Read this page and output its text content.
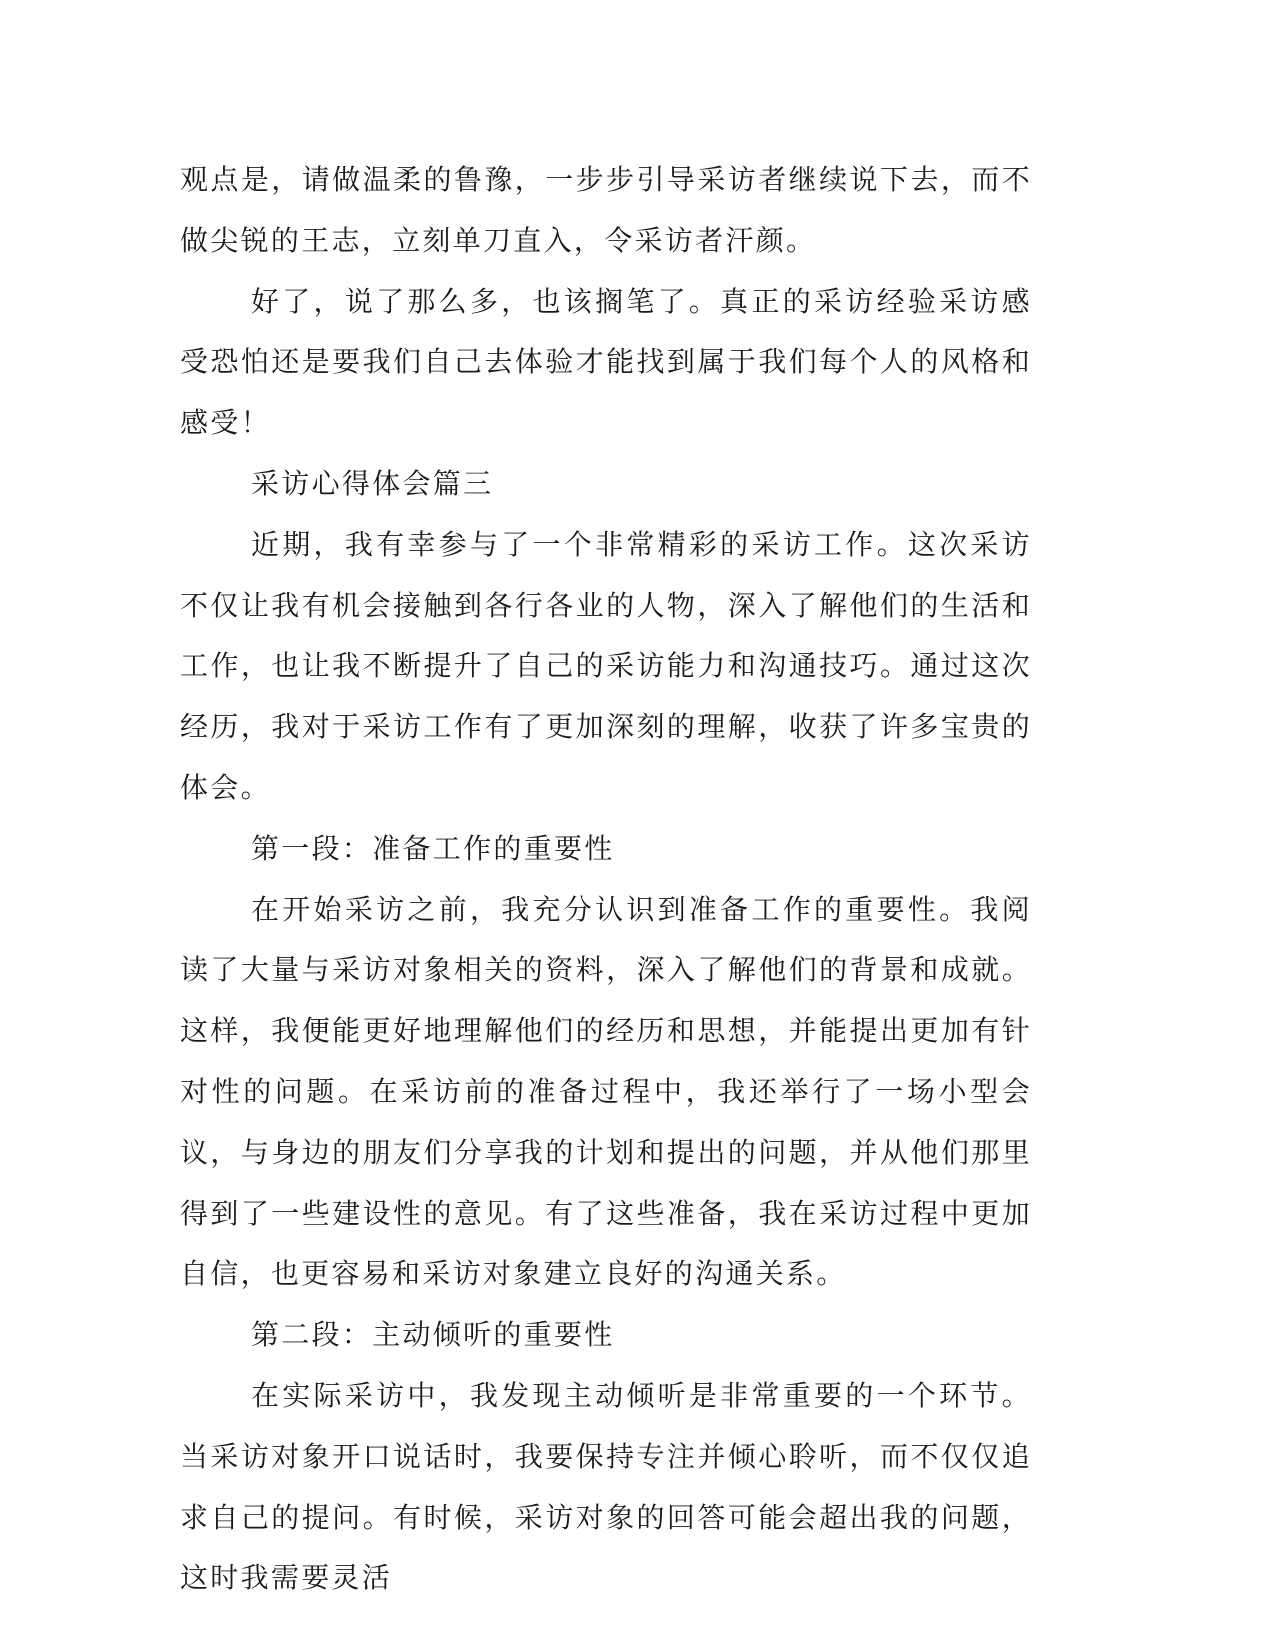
观点是，请做温柔的鲁豫，一步步引导采访者继续说下去，而不做尖锐的王志，立刻单刀直入，令采访者汗颜。

好了，说了那么多，也该搁笔了。真正的采访经验采访感受恐怕还是要我们自己去体验才能找到属于我们每个人的风格和感受！

采访心得体会篇三

近期，我有幸参与了一个非常精彩的采访工作。这次采访不仅让我有机会接触到各行各业的人物，深入了解他们的生活和工作，也让我不断提升了自己的采访能力和沟通技巧。通过这次经历，我对于采访工作有了更加深刻的理解，收获了许多宝贵的体会。

第一段：准备工作的重要性

在开始采访之前，我充分认识到准备工作的重要性。我阅读了大量与采访对象相关的资料，深入了解他们的背景和成就。这样，我便能更好地理解他们的经历和思想，并能提出更加有针对性的问题。在采访前的准备过程中，我还举行了一场小型会议，与身边的朋友们分享我的计划和提出的问题，并从他们那里得到了一些建设性的意见。有了这些准备，我在采访过程中更加自信，也更容易和采访对象建立良好的沟通关系。

第二段：主动倾听的重要性

在实际采访中，我发现主动倾听是非常重要的一个环节。当采访对象开口说话时，我要保持专注并倾心聆听，而不仅仅追求自己的提问。有时候，采访对象的回答可能会超出我的问题，这时我需要灵活
